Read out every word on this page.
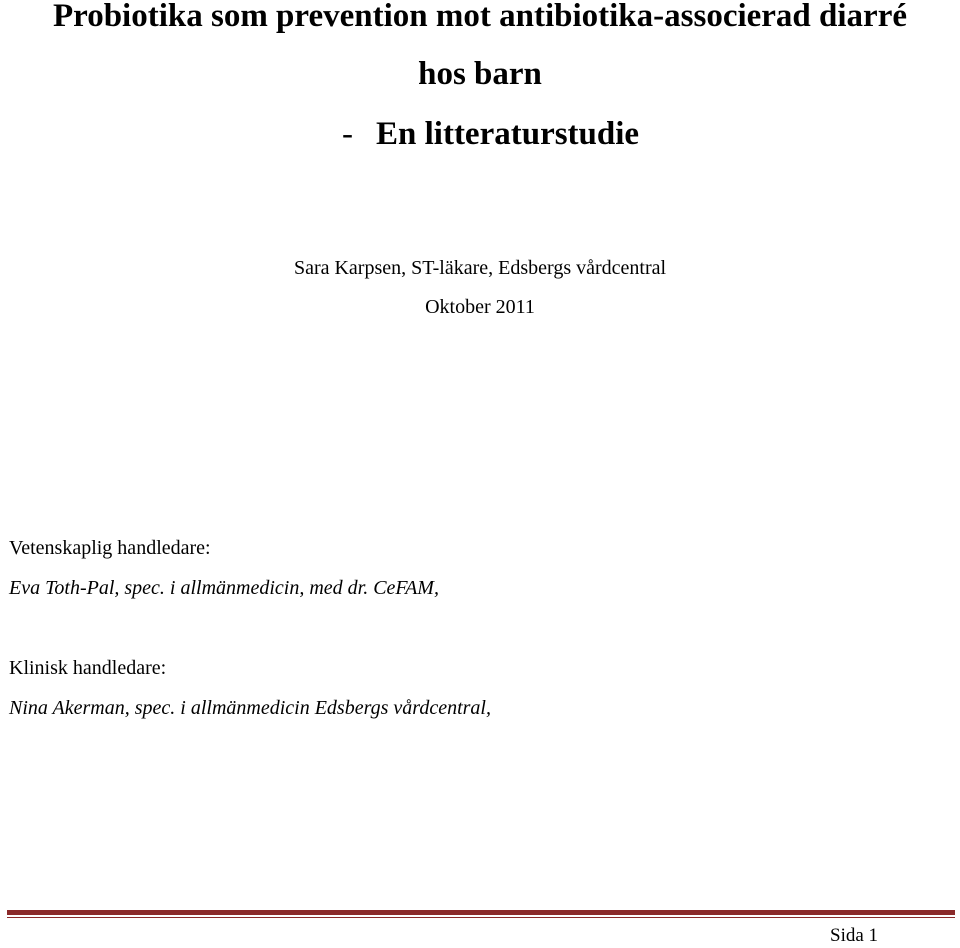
Probiotika som prevention mot antibiotika-associerad diarré
hos barn
- En litteraturstudie
Sara Karpsen, ST-läkare, Edsbergs vårdcentral
Oktober 2011
Vetenskaplig handledare:
Eva Toth-Pal, spec. i allmänmedicin, med dr. CeFAM,
Klinisk handledare:
Nina Akerman, spec. i allmänmedicin Edsbergs vårdcentral,
Sida 1
